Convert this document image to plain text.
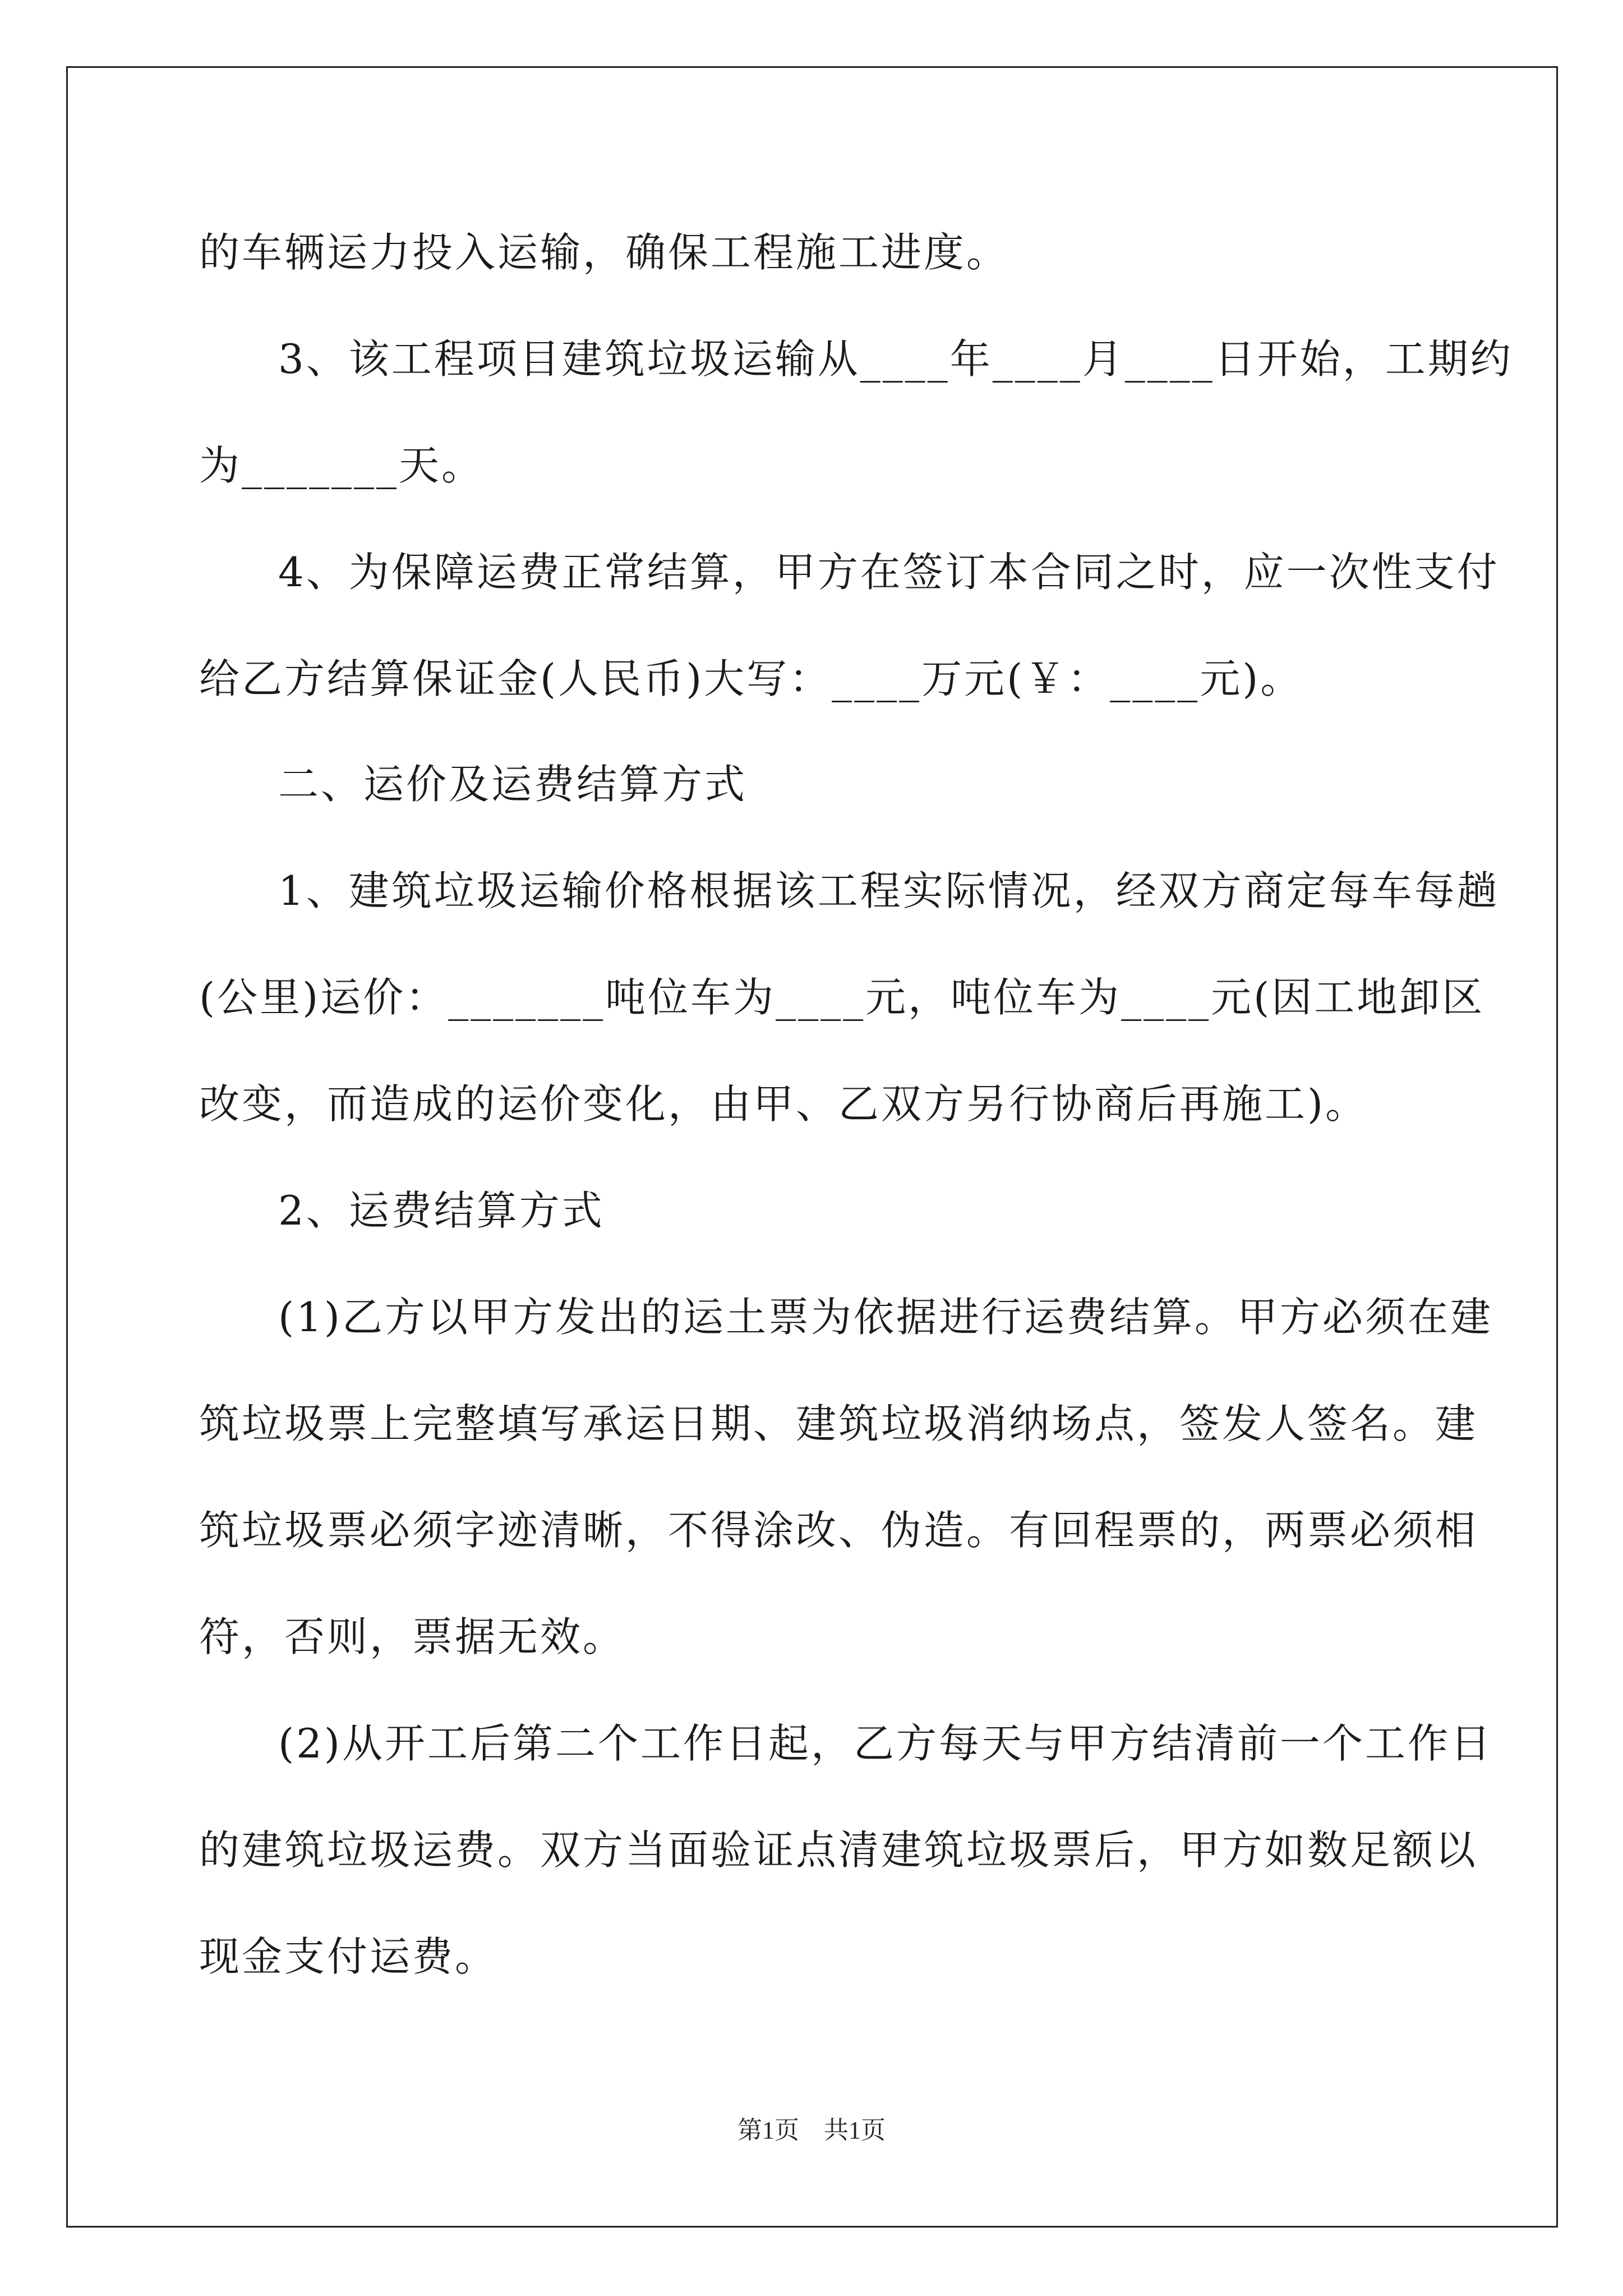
的车辆运力投入运输，确保工程施工进度。
3、该工程项目建筑垃圾运输从____年____月____日开始，工期约
为_______天。
4、为保障运费正常结算，甲方在签订本合同之时，应一次性支付
给乙方结算保证金(人民币)大写：____万元(￥：____元)。
二、运价及运费结算方式
1、建筑垃圾运输价格根据该工程实际情况，经双方商定每车每趟
(公里)运价：_______吨位车为____元，吨位车为____元(因工地卸区
改变，而造成的运价变化，由甲、乙双方另行协商后再施工)。
2、运费结算方式
(1)乙方以甲方发出的运土票为依据进行运费结算。甲方必须在建
筑垃圾票上完整填写承运日期、建筑垃圾消纳场点，签发人签名。建
筑垃圾票必须字迹清晰，不得涂改、伪造。有回程票的，两票必须相
符，否则，票据无效。
(2)从开工后第二个工作日起，乙方每天与甲方结清前一个工作日
的建筑垃圾运费。双方当面验证点清建筑垃圾票后，甲方如数足额以
现金支付运费。
第1页　共1页
